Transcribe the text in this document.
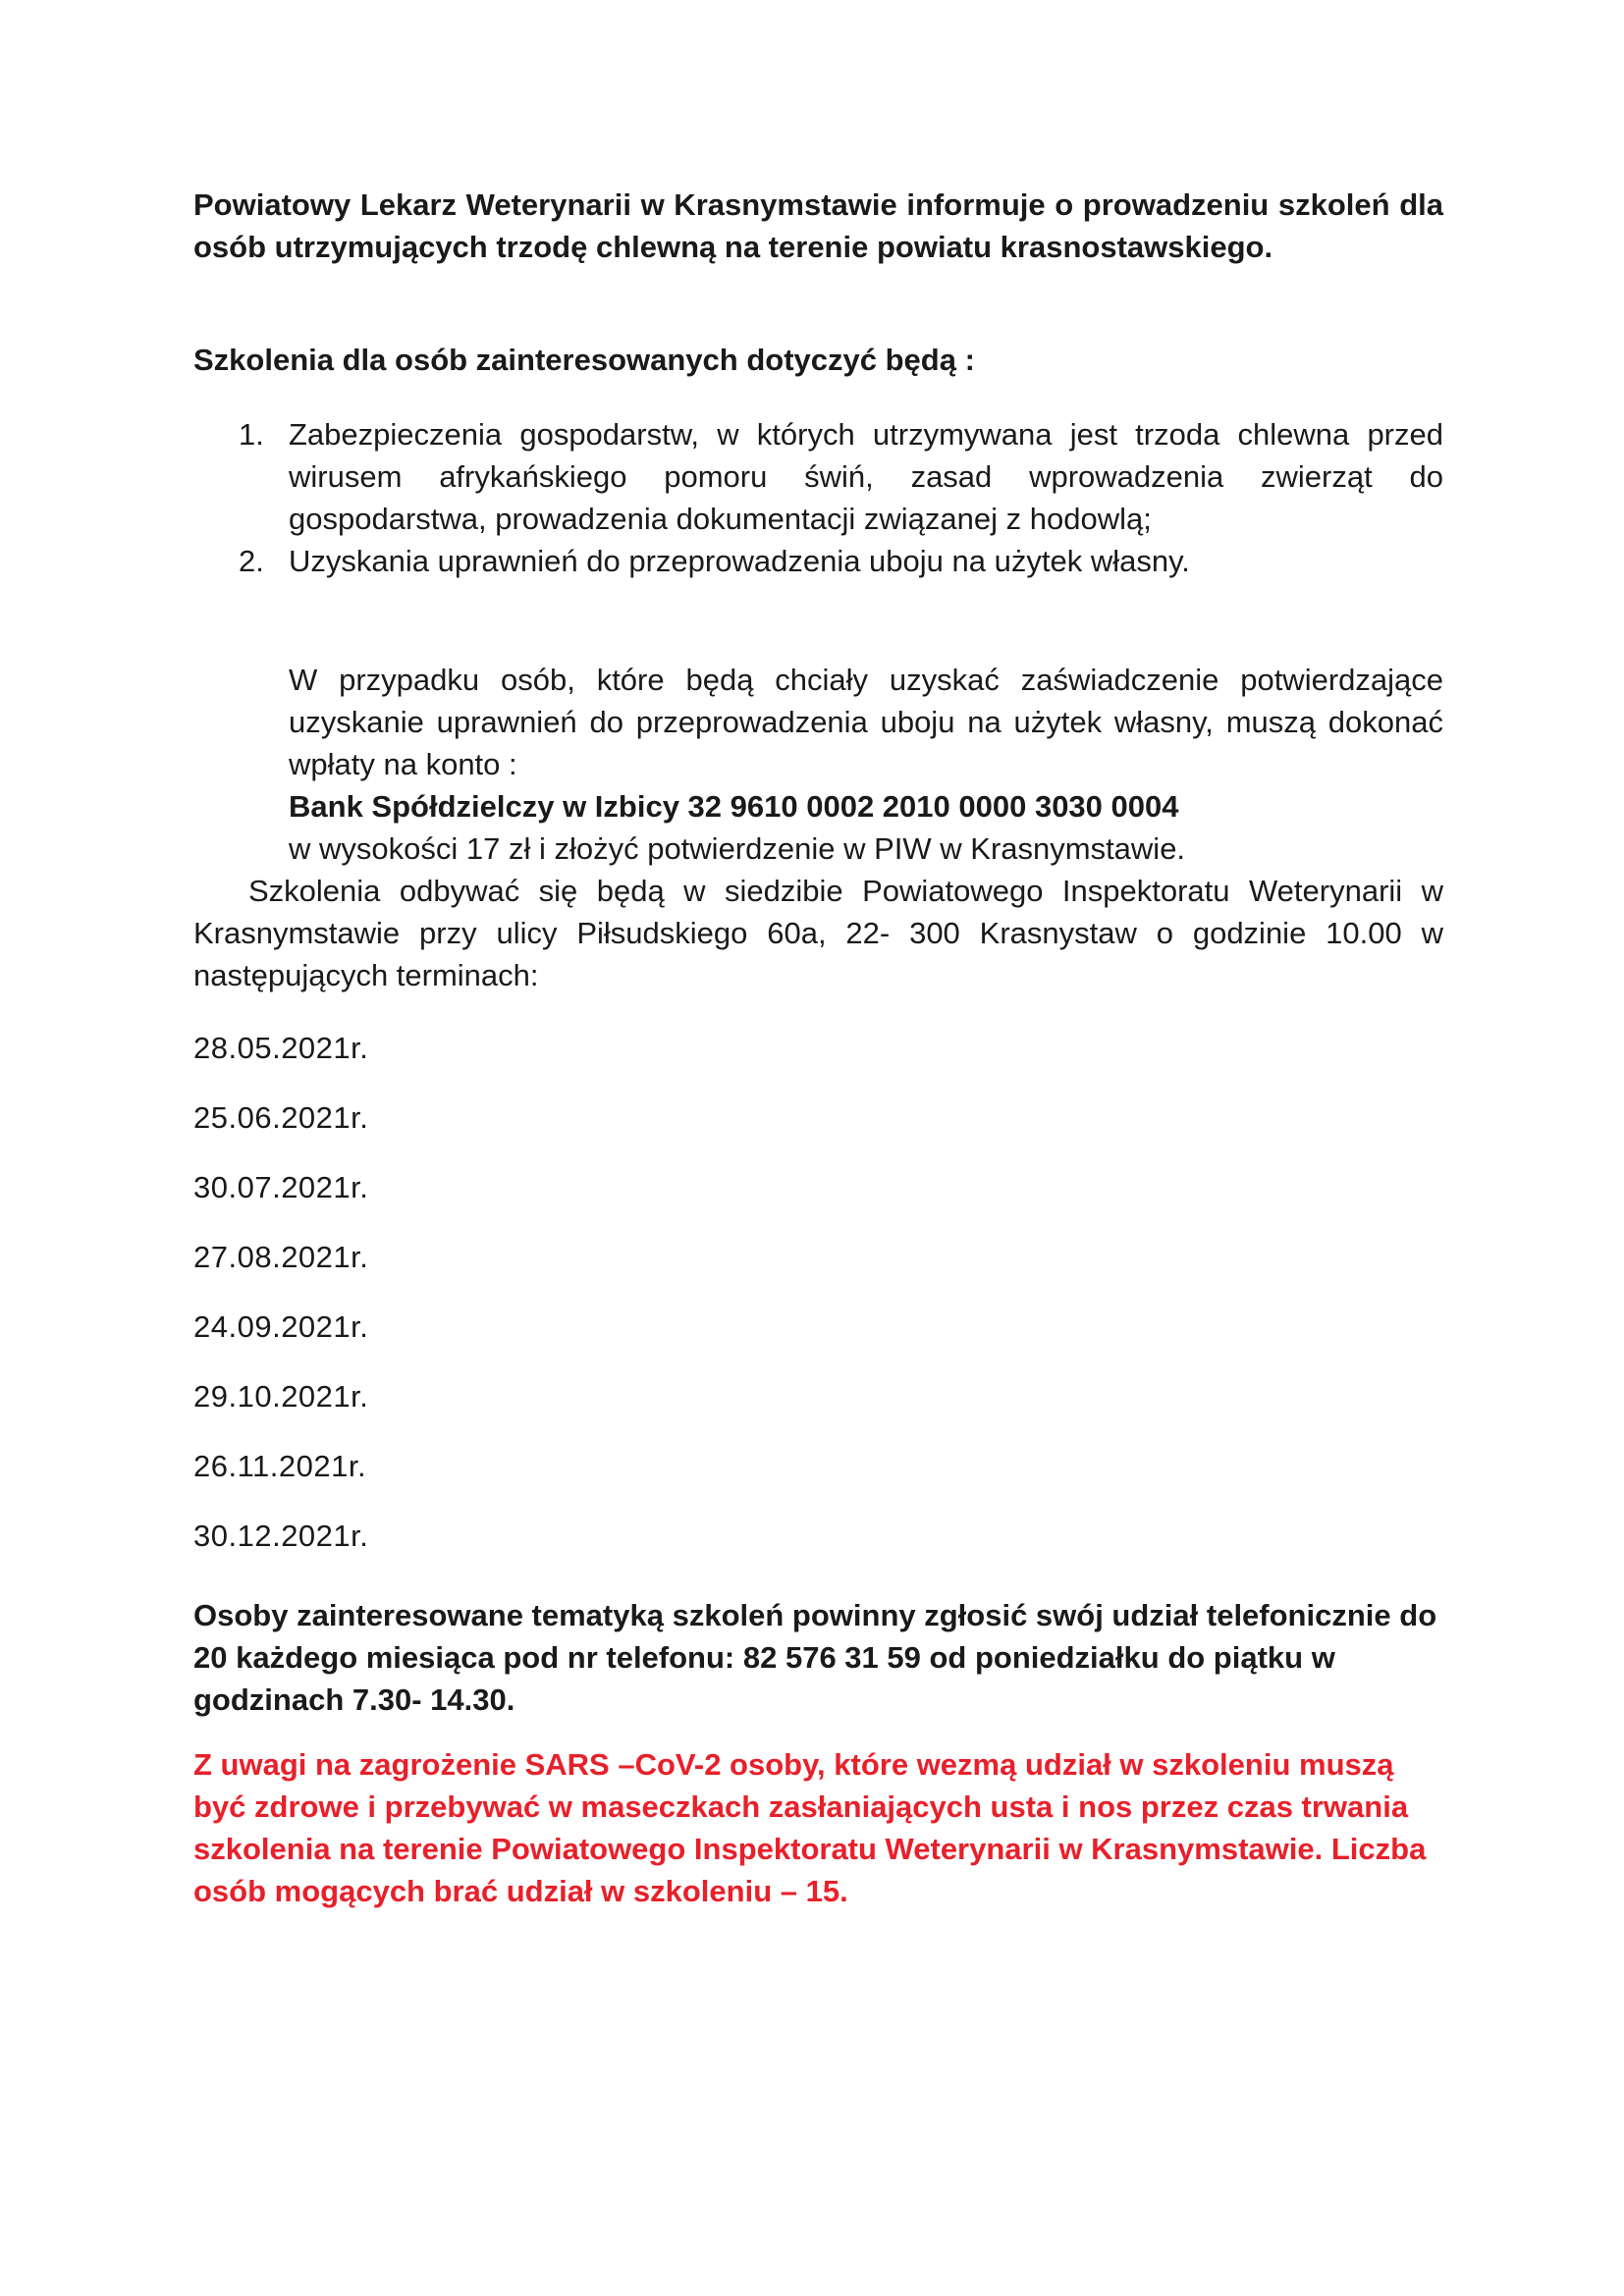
Powiatowy Lekarz Weterynarii w Krasnymstawie informuje o prowadzeniu szkoleń dla osób utrzymujących trzodę chlewną na terenie powiatu krasnostawskiego.

Szkolenia dla osób zainteresowanych dotyczyć będą :

1. Zabezpieczenia gospodarstw, w których utrzymywana jest trzoda chlewna przed wirusem afrykańskiego pomoru świń, zasad wprowadzenia zwierząt do gospodarstwa, prowadzenia dokumentacji związanej z hodowlą;
2. Uzyskania uprawnień do przeprowadzenia uboju na użytek własny.

W przypadku osób, które będą chciały uzyskać zaświadczenie potwierdzające uzyskanie uprawnień do przeprowadzenia uboju na użytek własny, muszą dokonać wpłaty na konto :

Bank Spółdzielczy w Izbicy 32 9610 0002 2010 0000 3030 0004

w wysokości 17 zł i złożyć potwierdzenie w PIW w Krasnymstawie.

Szkolenia odbywać się będą w siedzibie Powiatowego Inspektoratu Weterynarii w Krasnymstawie przy ulicy Piłsudskiego 60a, 22- 300 Krasnystaw o godzinie 10.00 w następujących terminach:

28.05.2021r.
25.06.2021r.
30.07.2021r.
27.08.2021r.
24.09.2021r.
29.10.2021r.
26.11.2021r.
30.12.2021r.

Osoby zainteresowane tematyką szkoleń powinny zgłosić swój udział telefonicznie do 20 każdego miesiąca pod nr telefonu: 82 576 31 59 od poniedziałku do piątku w godzinach 7.30- 14.30.

Z uwagi na zagrożenie SARS –CoV-2 osoby, które wezmą udział w szkoleniu muszą być zdrowe i przebywać w maseczkach zasłaniających usta i nos przez czas trwania szkolenia na terenie Powiatowego Inspektoratu Weterynarii w Krasnymstawie. Liczba osób mogących brać udział w szkoleniu – 15.
